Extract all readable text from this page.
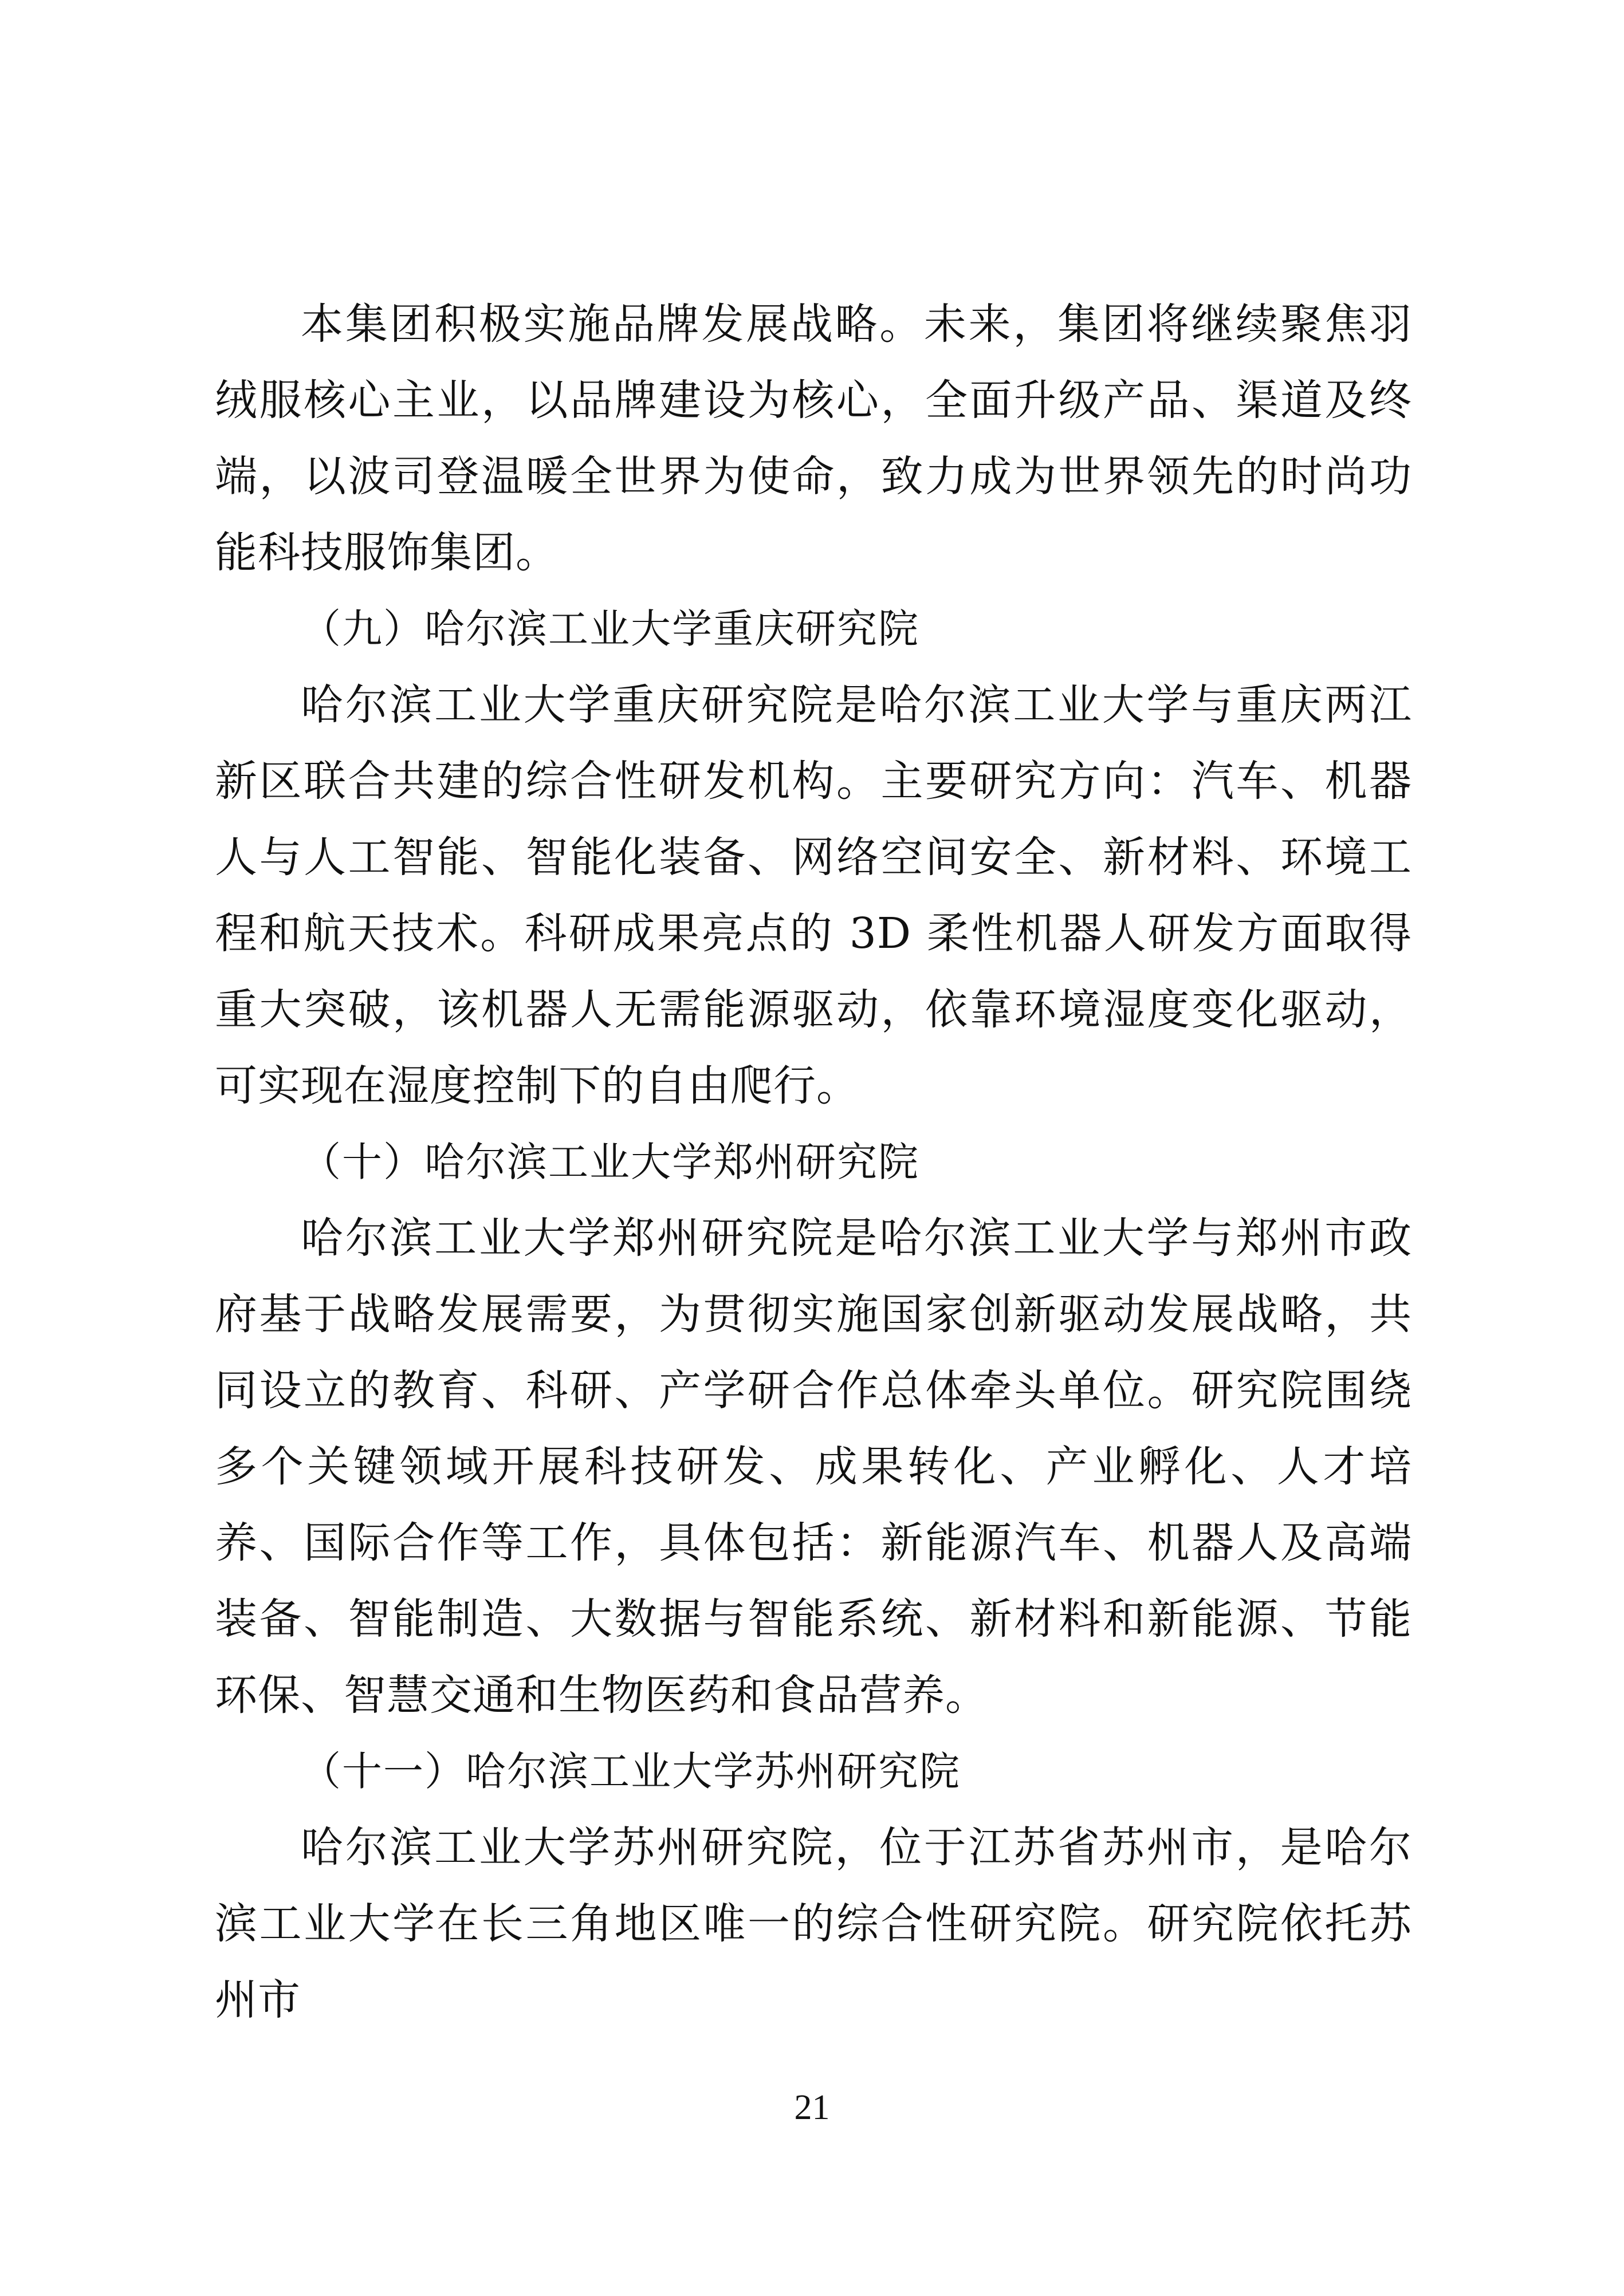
本集团积极实施品牌发展战略。未来，集团将继续聚焦羽绒服核心主业，以品牌建设为核心，全面升级产品、渠道及终端，以波司登温暖全世界为使命，致力成为世界领先的时尚功能科技服饰集团。

（九）哈尔滨工业大学重庆研究院

哈尔滨工业大学重庆研究院是哈尔滨工业大学与重庆两江新区联合共建的综合性研发机构。主要研究方向：汽车、机器人与人工智能、智能化装备、网络空间安全、新材料、环境工程和航天技术。科研成果亮点的 3D 柔性机器人研发方面取得重大突破，该机器人无需能源驱动，依靠环境湿度变化驱动，可实现在湿度控制下的自由爬行。

（十）哈尔滨工业大学郑州研究院

哈尔滨工业大学郑州研究院是哈尔滨工业大学与郑州市政府基于战略发展需要，为贯彻实施国家创新驱动发展战略，共同设立的教育、科研、产学研合作总体牵头单位。研究院围绕多个关键领域开展科技研发、成果转化、产业孵化、人才培养、国际合作等工作，具体包括：新能源汽车、机器人及高端装备、智能制造、大数据与智能系统、新材料和新能源、节能环保、智慧交通和生物医药和食品营养。

（十一）哈尔滨工业大学苏州研究院

哈尔滨工业大学苏州研究院，位于江苏省苏州市，是哈尔滨工业大学在长三角地区唯一的综合性研究院。研究院依托苏州市

21
